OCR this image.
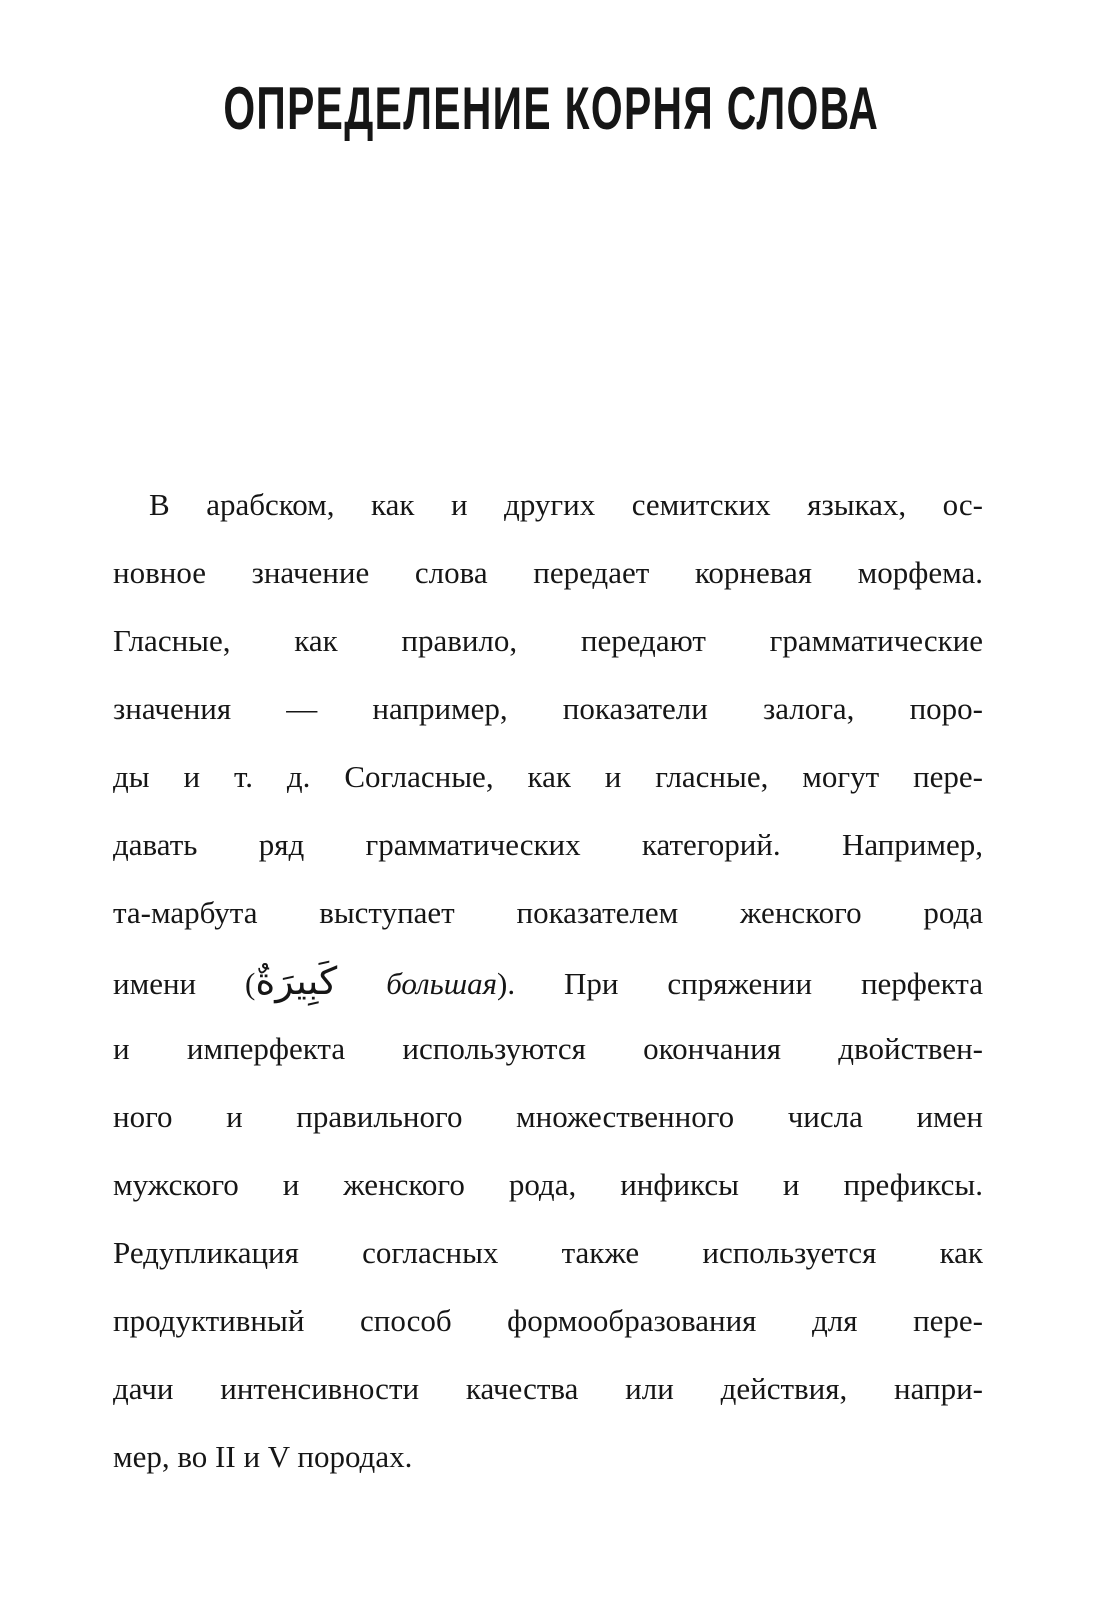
ОПРЕДЕЛЕНИЕ КОРНЯ СЛОВА
В арабском, как и других семитских языках, ос-
новное значение слова передает корневая морфема.
Гласные, как правило, передают грамматические
значения — например, показатели залога, поро-
ды и т. д. Согласные, как и гласные, могут пере-
давать ряд грамматических категорий. Например,
та-марбута выступает показателем женского рода
имени (كَبِيرَةٌ большая). При спряжении перфекта
и имперфекта используются окончания двойствен-
ного и правильного множественного числа имен
мужского и женского рода, инфиксы и префиксы.
Редупликация согласных также используется как
продуктивный способ формообразования для пере-
дачи интенсивности качества или действия, напри-
мер, во II и V породах.
